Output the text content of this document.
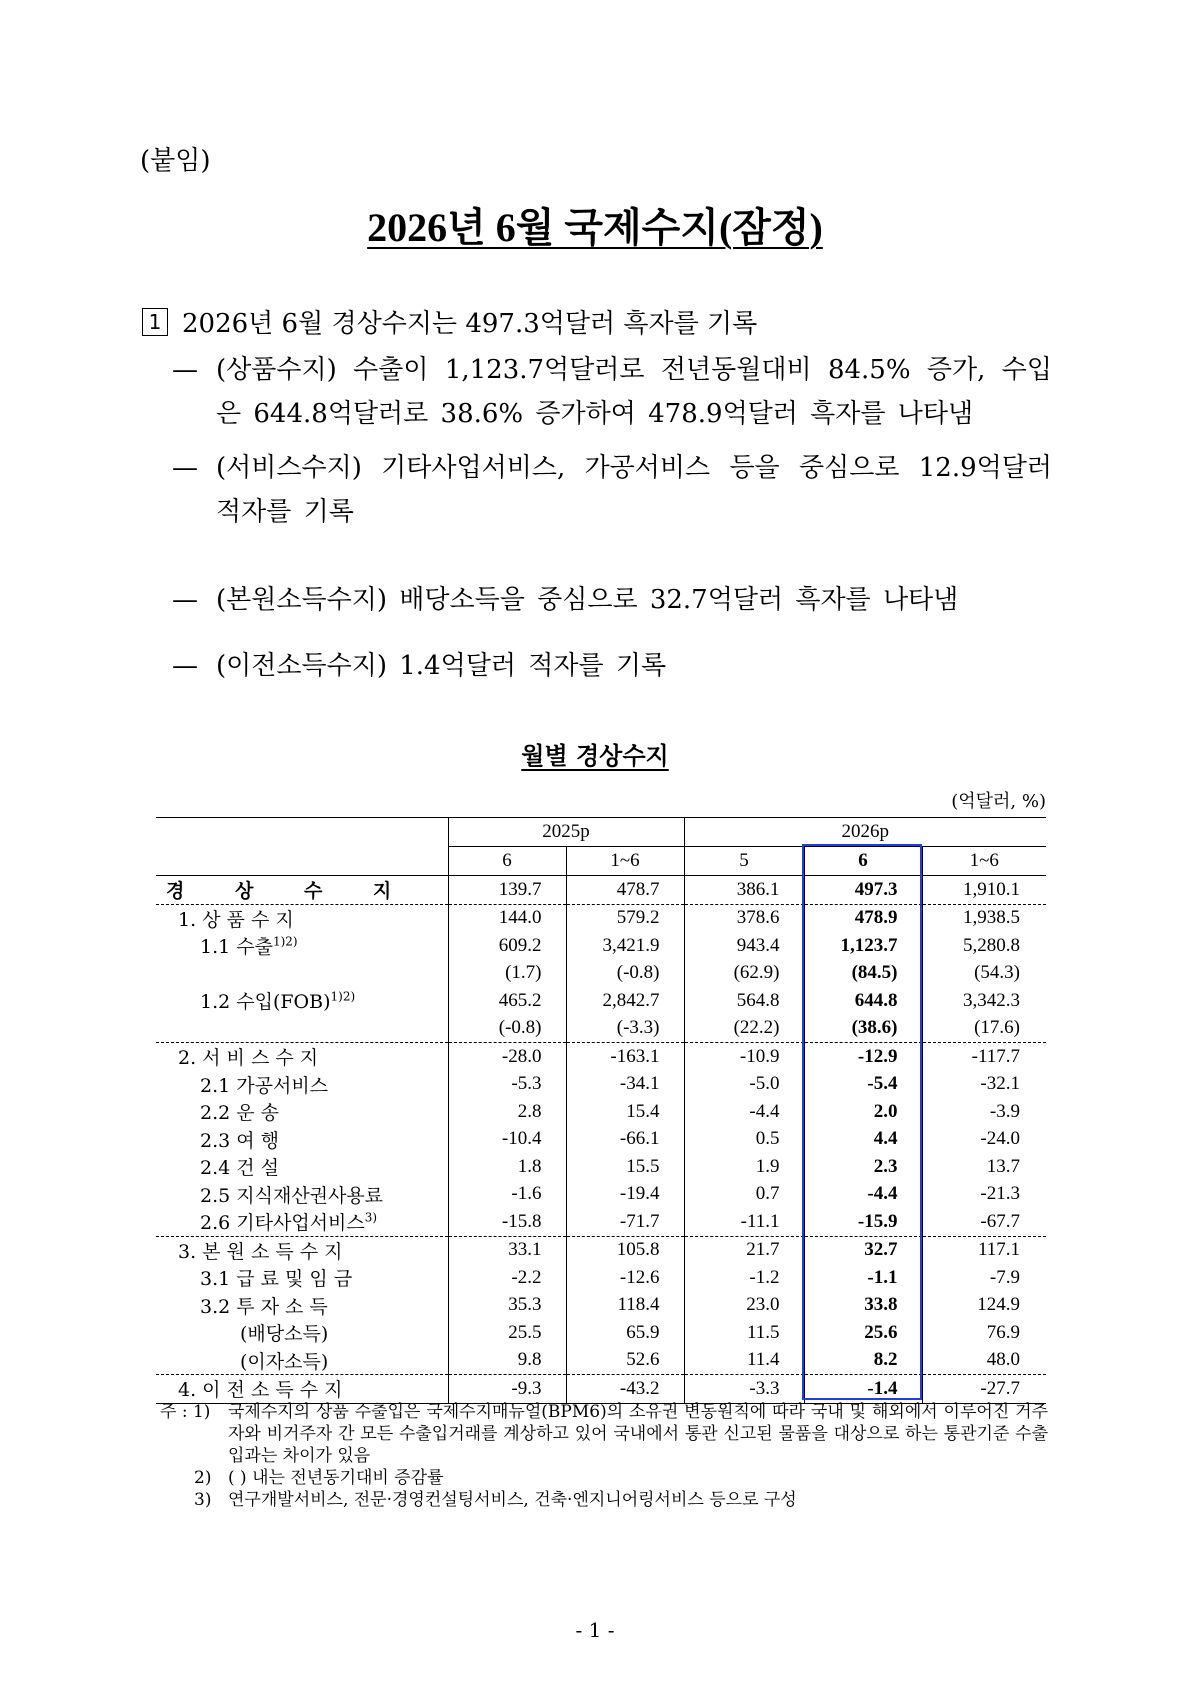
(붙임)
2026년 6월 국제수지(잠정)
1 2026년 6월 경상수지는 497.3억달러 흑자를 기록
— (상품수지) 수출이 1,123.7억달러로 전년동월대비 84.5% 증가, 수입은 644.8억달러로 38.6% 증가하여 478.9억달러 흑자를 나타냄
— (서비스수지) 기타사업서비스, 가공서비스 등을 중심으로 12.9억달러 적자를 기록
— (본원소득수지) 배당소득을 중심으로 32.7억달러 흑자를 나타냄
— (이전소득수지) 1.4억달러 적자를 기록
월별 경상수지
(억달러, %)
	2025p		2026p		
	6	1~6	5	6	1~6
경 상 수 지	139.7	478.7	386.1	497.3	1,910.1
1. 상 품 수 지	144.0	579.2	378.6	478.9	1,938.5
1.1 수출$^{1)2)}$	609.2	3,421.9	943.4	1,123.7	5,280.8
	(1.7)	(-0.8)	(62.9)	(84.5)	(54.3)
1.2 수입(FOB)$^{1)2)}$	465.2	2,842.7	564.8	644.8	3,342.3
	(-0.8)	(-3.3)	(22.2)	(38.6)	(17.6)
2. 서 비 스 수 지	-28.0	-163.1	-10.9	-12.9	-117.7
2.1 가공서비스	-5.3	-34.1	-5.0	-5.4	-32.1
2.2 운 송	2.8	15.4	-4.4	2.0	-3.9
2.3 여 행	-10.4	-66.1	0.5	4.4	-24.0
2.4 건 설	1.8	15.5	1.9	2.3	13.7
2.5 지식재산권사용료	-1.6	-19.4	0.7	-4.4	-21.3
2.6 기타사업서비스$^{3)}$	-15.8	-71.7	-11.1	-15.9	-67.7
3. 본 원 소 득 수 지	33.1	105.8	21.7	32.7	117.1
3.1 급 료 및 임 금	-2.2	-12.6	-1.2	-1.1	-7.9
3.2 투 자 소 득	35.3	118.4	23.0	33.8	124.9
(배당소득)	25.5	65.9	11.5	25.6	76.9
(이자소득)	9.8	52.6	11.4	8.2	48.0
4. 이 전 소 득 수 지	-9.3	-43.2	-3.3	-1.4	-27.7
주 : 1) 국제수지의 상품 수출입은 국제수지매뉴얼(BPM6)의 소유권 변동원칙에 따라 국내 및 해외에서 이루어진 거주자와 비거주자 간 모든 수출입거래를 계상하고 있어 국내에서 통관 신고된 물품을 대상으로 하는 통관기준 수출입과는 차이가 있음
2) ( ) 내는 전년동기대비 증감률
3) 연구개발서비스, 전문·경영컨설팅서비스, 건축·엔지니어링서비스 등으로 구성
- 1 -
